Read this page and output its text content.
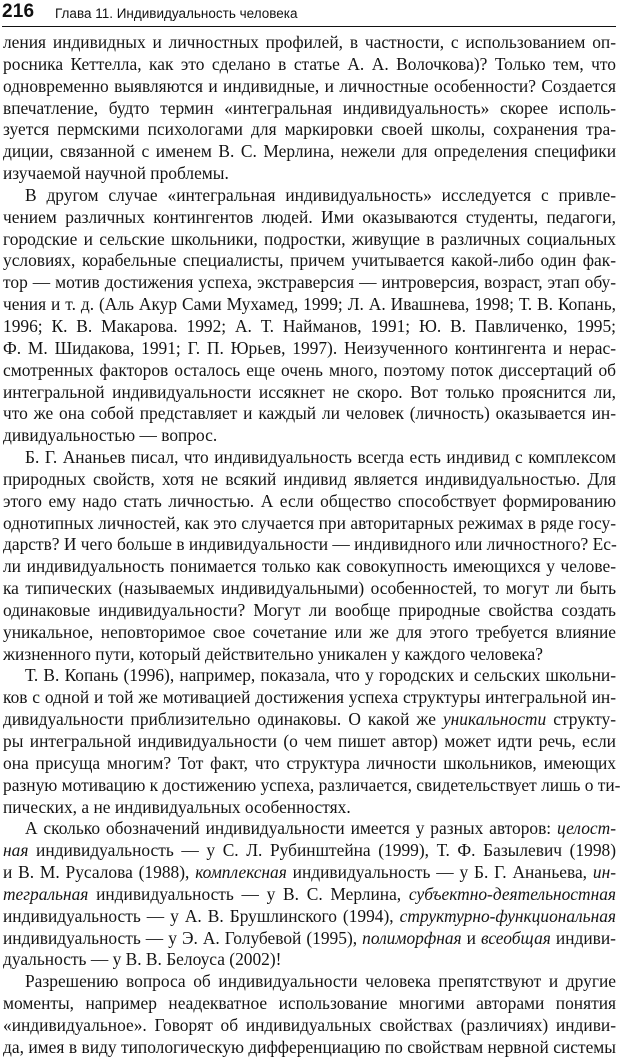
216 Глава 11. Индивидуальность человека
ления индивидных и личностных профилей, в частности, с использованием оп-
росника Кеттелла, как это сделано в статье А. А. Волочкова)? Только тем, что
одновременно выявляются и индивидные, и личностные особенности? Создается
впечатление, будто термин «интегральная индивидуальность» скорее исполь-
зуется пермскими психологами для маркировки своей школы, сохранения тра-
диции, связанной с именем В. С. Мерлина, нежели для определения специфики
изучаемой научной проблемы.
В другом случае «интегральная индивидуальность» исследуется с привле-
чением различных контингентов людей. Ими оказываются студенты, педагоги,
городские и сельские школьники, подростки, живущие в различных социальных
условиях, корабельные специалисты, причем учитывается какой-либо один фак-
тор — мотив достижения успеха, экстраверсия — интроверсия, возраст, этап обу-
чения и т. д. (Аль Акур Сами Мухамед, 1999; Л. А. Ивашнева, 1998; Т. В. Копань,
1996; К. В. Макарова. 1992; А. Т. Найманов, 1991; Ю. В. Павличенко, 1995;
Ф. М. Шидакова, 1991; Г. П. Юрьев, 1997). Неизученного контингента и нерас-
смотренных факторов осталось еще очень много, поэтому поток диссертаций об
интегральной индивидуальности иссякнет не скоро. Вот только прояснится ли,
что же она собой представляет и каждый ли человек (личность) оказывается ин-
дивидуальностью — вопрос.
Б. Г. Ананьев писал, что индивидуальность всегда есть индивид с комплексом
природных свойств, хотя не всякий индивид является индивидуальностью. Для
этого ему надо стать личностью. А если общество способствует формированию
однотипных личностей, как это случается при авторитарных режимах в ряде госу-
дарств? И чего больше в индивидуальности — индивидного или личностного? Ес-
ли индивидуальность понимается только как совокупность имеющихся у челове-
ка типических (называемых индивидуальными) особенностей, то могут ли быть
одинаковые индивидуальности? Могут ли вообще природные свойства создать
уникальное, неповторимое свое сочетание или же для этого требуется влияние
жизненного пути, который действительно уникален у каждого человека?
Т. В. Копань (1996), например, показала, что у городских и сельских школьни-
ков с одной и той же мотивацией достижения успеха структуры интегральной ин-
дивидуальности приблизительно одинаковы. О какой же уникальности структу-
ры интегральной индивидуальности (о чем пишет автор) может идти речь, если
она присуща многим? Тот факт, что структура личности школьников, имеющих
разную мотивацию к достижению успеха, различается, свидетельствует лишь о ти-
пических, а не индивидуальных особенностях.
А сколько обозначений индивидуальности имеется у разных авторов: целост-
ная индивидуальность — у С. Л. Рубинштейна (1999), Т. Ф. Базылевич (1998)
и В. М. Русалова (1988), комплексная индивидуальность — у Б. Г. Ананьева, ин-
тегральная индивидуальность — у В. С. Мерлина, субъектно-деятельностная
индивидуальность — у А. В. Брушлинского (1994), структурно-функциональная
индивидуальность — у Э. А. Голубевой (1995), полиморфная и всеобщая индиви-
дуальность — у В. В. Белоуса (2002)!
Разрешению вопроса об индивидуальности человека препятствуют и другие
моменты, например неадекватное использование многими авторами понятия
«индивидуальное». Говорят об индивидуальных свойствах (различиях) индиви-
да, имея в виду типологическую дифференциацию по свойствам нервной системы
